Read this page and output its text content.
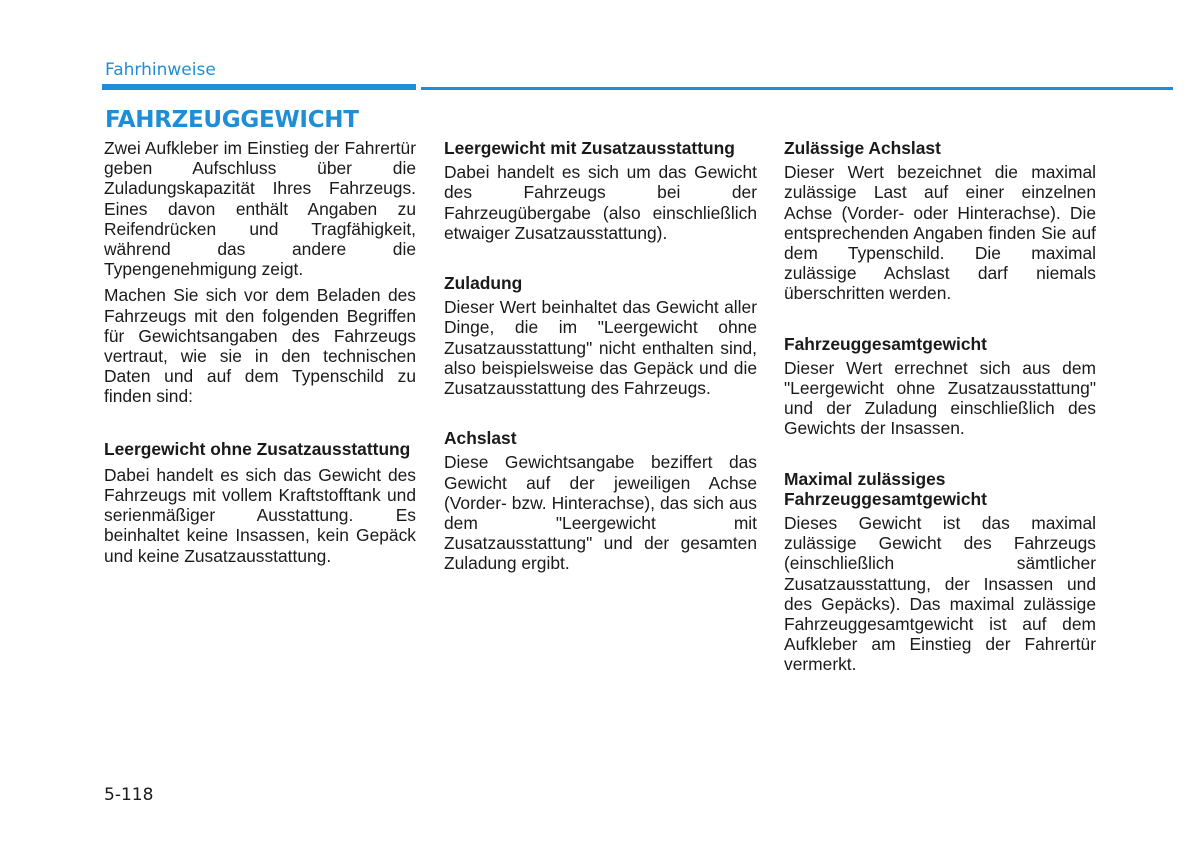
Fahrhinweise
FAHRZEUGGEWICHT

Zwei Aufkleber im Einstieg der Fahrertür geben Aufschluss über die Zuladungskapazität Ihres Fahrzeugs. Eines davon enthält Angaben zu Reifendrücken und Tragfähigkeit, während das andere die Typengenehmigung zeigt.

Machen Sie sich vor dem Beladen des Fahrzeugs mit den folgenden Begriffen für Gewichtsangaben des Fahrzeugs vertraut, wie sie in den technischen Daten und auf dem Typenschild zu finden sind:

Leergewicht ohne Zusatzausstattung

Dabei handelt es sich das Gewicht des Fahrzeugs mit vollem Kraftstofftank und serienmäßiger Ausstattung. Es beinhaltet keine Insassen, kein Gepäck und keine Zusatzausstattung.

Leergewicht mit Zusatzausstattung

Dabei handelt es sich um das Gewicht des Fahrzeugs bei der Fahrzeugübergabe (also einschließlich etwaiger Zusatzausstattung).

Zuladung

Dieser Wert beinhaltet das Gewicht aller Dinge, die im "Leergewicht ohne Zusatzausstattung" nicht enthalten sind, also beispielsweise das Gepäck und die Zusatzausstattung des Fahrzeugs.

Achslast

Diese Gewichtsangabe beziffert das Gewicht auf der jeweiligen Achse (Vorder- bzw. Hinterachse), das sich aus dem "Leergewicht mit Zusatzausstattung" und der gesamten Zuladung ergibt.

Zulässige Achslast

Dieser Wert bezeichnet die maximal zulässige Last auf einer einzelnen Achse (Vorder- oder Hinterachse). Die entsprechenden Angaben finden Sie auf dem Typenschild. Die maximal zulässige Achslast darf niemals überschritten werden.

Fahrzeuggesamtgewicht

Dieser Wert errechnet sich aus dem "Leergewicht ohne Zusatzausstattung" und der Zuladung einschließlich des Gewichts der Insassen.

Maximal zulässiges Fahrzeuggesamtgewicht

Dieses Gewicht ist das maximal zulässige Gewicht des Fahrzeugs (einschließlich sämtlicher Zusatzausstattung, der Insassen und des Gepäcks). Das maximal zulässige Fahrzeuggesamtgewicht ist auf dem Aufkleber am Einstieg der Fahrertür vermerkt.

5-118
